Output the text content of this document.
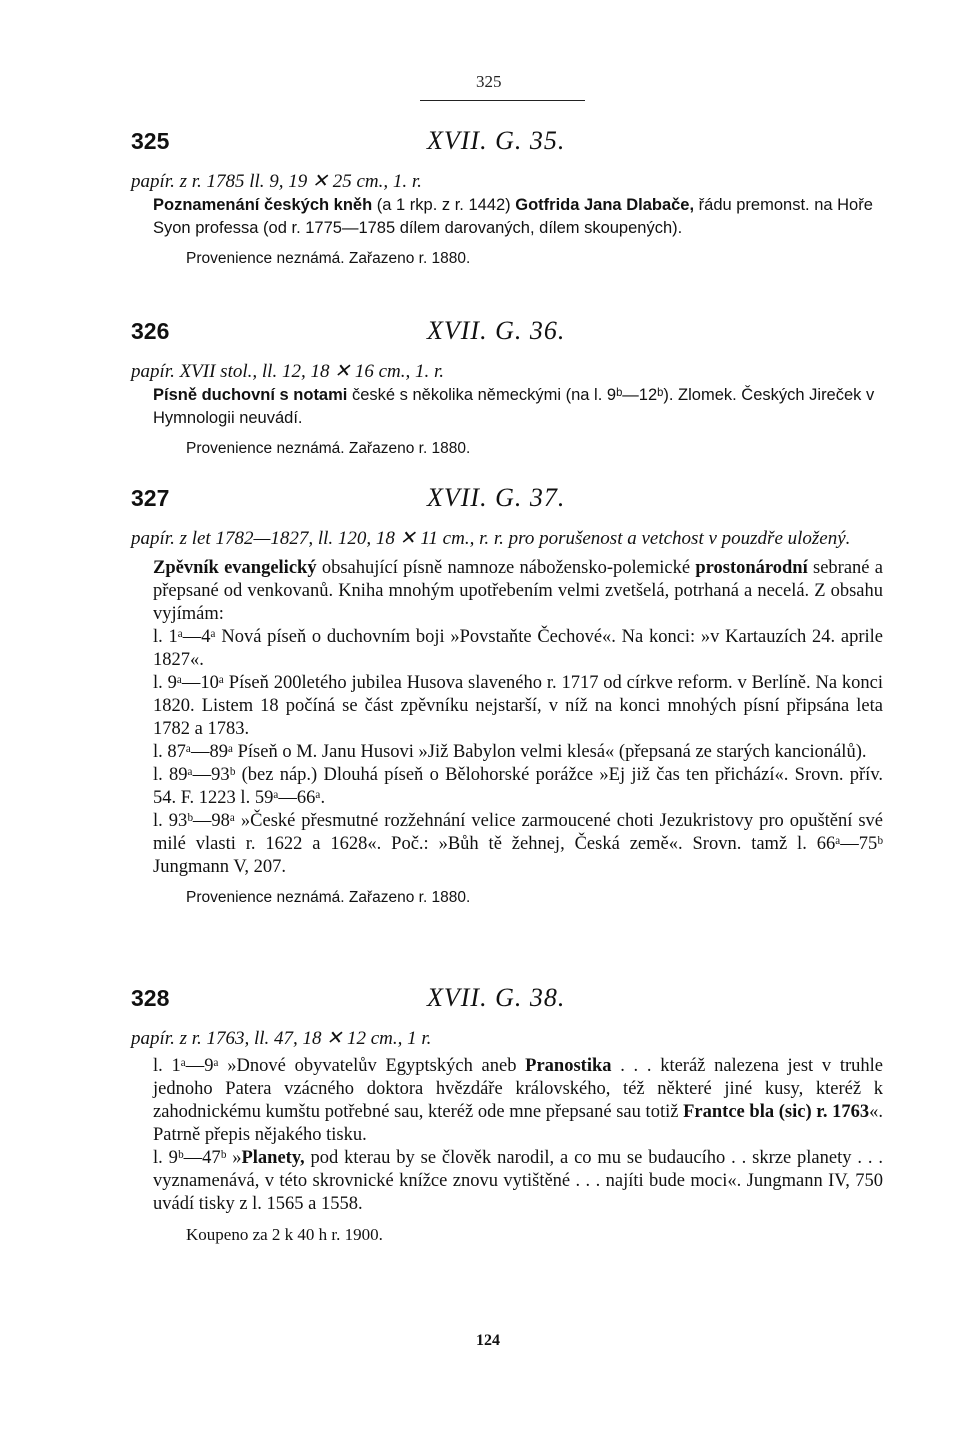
325
325	XVII. G. 35.

papír. z r. 1785 ll. 9, 19 ✕ 25 cm., 1. r.

Poznamenání českých kněh (a 1 rkp. z r. 1442) Gotfrida Jana Dlabače, řádu premonst. na Hoře Syon professa (od r. 1775—1785 dílem darovaných, dílem skoupených).

Provenience neznámá. Zařazeno r. 1880.

326	XVII. G. 36.

papír. XVII stol., ll. 12, 18 ✕ 16 cm., 1. r.

Písně duchovní s notami české s několika německými (na l. 9ᵇ—12ᵇ). Zlomek. Českých Jireček v Hymnologii neuvádí.

Provenience neznámá. Zařazeno r. 1880.

327	XVII. G. 37.

papír. z let 1782—1827, ll. 120, 18 ✕ 11 cm., r. r. pro porušenost a vetchost v pouzdře uložený.

Zpěvník evangelický obsahující písně namnoze nábožensko-polemické prostonárodní sebrané a přepsané od venkovanů. Kniha mnohým upotřebením velmi zvetšelá, potrhaná a necelá. Z obsahu vyjímám:

l. 1ᵃ—4ᵃ Nová píseň o duchovním boji »Povstaňte Čechové«. Na konci: »v Kartauzích 24. aprile 1827«.

l. 9ᵃ—10ᵃ Píseň 200letého jubilea Husova slaveného r. 1717 od církve reform. v Berlíně. Na konci 1820. Listem 18 počíná se část zpěvníku nejstarší, v níž na konci mnohých písní připsána leta 1782 a 1783.

l. 87ᵃ—89ᵃ Píseň o M. Janu Husovi »Již Babylon velmi klesá« (přepsaná ze starých kancionálů).

l. 89ᵃ—93ᵇ (bez náp.) Dlouhá píseň o Bělohorské porážce »Ej již čas ten přichází«. Srovn. přív. 54. F. 1223 l. 59ᵃ—66ᵃ.

l. 93ᵇ—98ᵃ »České přesmutné rozžehnání velice zarmoucené choti Jezukristovy pro opuštění své milé vlasti r. 1622 a 1628«. Poč.: »Bůh tě žehnej, Česká země«. Srovn. tamž l. 66ᵃ—75ᵇ Jungmann V, 207.

Provenience neznámá. Zařazeno r. 1880.

328	XVII. G. 38.

papír. z r. 1763, ll. 47, 18 ✕ 12 cm., 1 r.

l. 1ᵃ—9ᵃ »Dnové obyvatelův Egyptských aneb Pranostika . . . kteráž nalezena jest v truhle jednoho Patera vzácného doktora hvězdáře královského, též některé jiné kusy, kteréž k zahodnickému kumštu potřebné sau, kteréž ode mne přepsané sau totiž Frantce bla (sic) r. 1763«. Patrně přepis nějakého tisku.

l. 9ᵇ—47ᵇ »Planety, pod kterau by se člověk narodil, a co mu se budaucího . . skrze planety . . . vyznamenává, v této skrovnické knížce znovu vytištěné . . . najíti bude moci«. Jungmann IV, 750 uvádí tisky z l. 1565 a 1558.

Koupeno za 2 k 40 h r. 1900.

124
